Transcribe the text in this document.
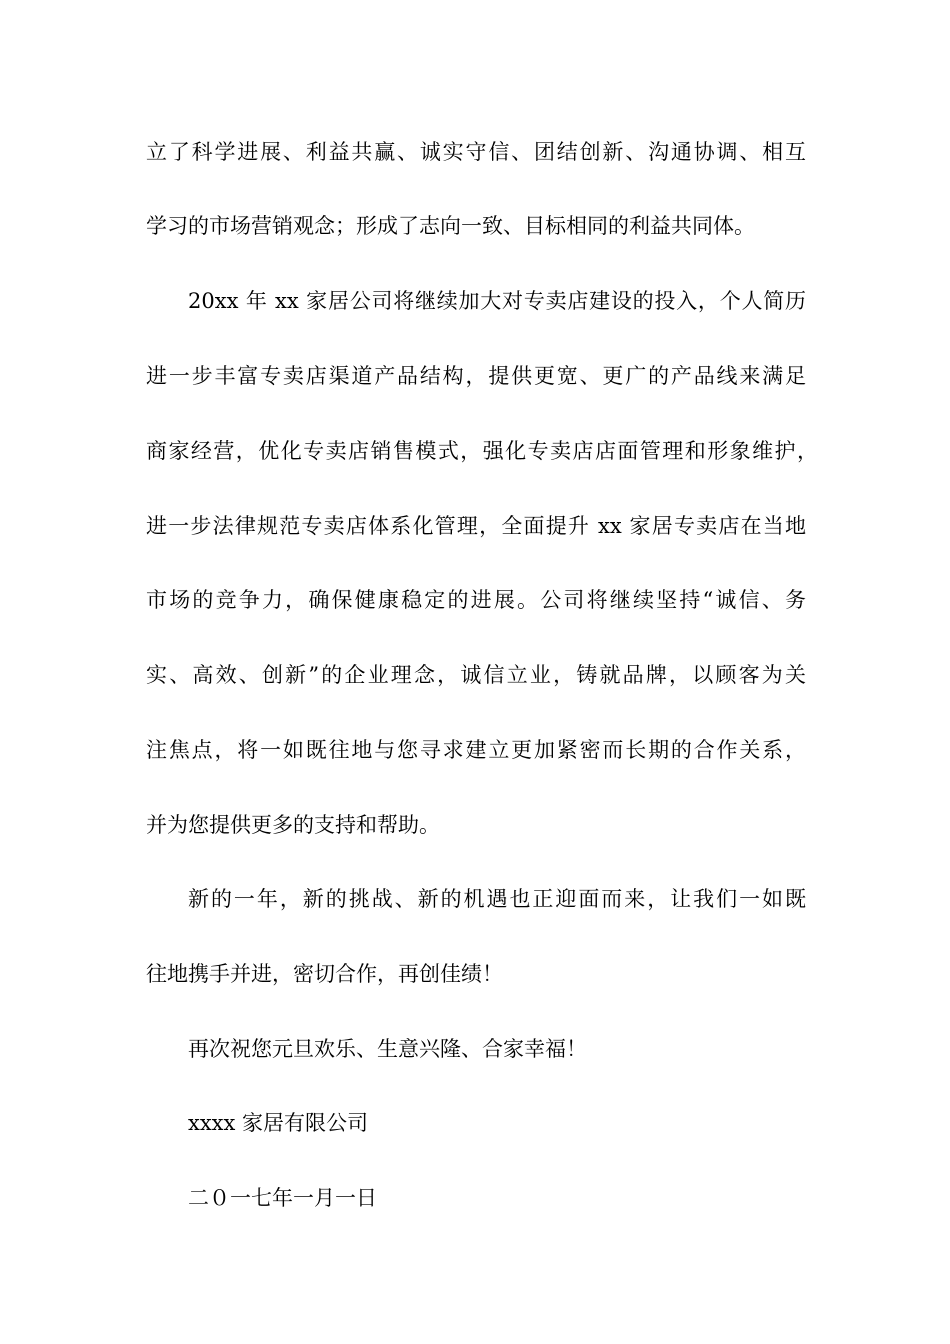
立了科学进展、利益共赢、诚实守信、团结创新、沟通协调、相互
学习的市场营销观念；形成了志向一致、目标相同的利益共同体。
20xx 年 xx 家居公司将继续加大对专卖店建设的投入，个人简历
进一步丰富专卖店渠道产品结构，提供更宽、更广的产品线来满足
商家经营，优化专卖店销售模式，强化专卖店店面管理和形象维护，
进一步法律规范专卖店体系化管理，全面提升 xx 家居专卖店在当地
市场的竞争力，确保健康稳定的进展。公司将继续坚持“诚信、务
实、高效、创新”的企业理念，诚信立业，铸就品牌，以顾客为关
注焦点，将一如既往地与您寻求建立更加紧密而长期的合作关系，
并为您提供更多的支持和帮助。
新的一年，新的挑战、新的机遇也正迎面而来，让我们一如既
往地携手并进，密切合作，再创佳绩！
再次祝您元旦欢乐、生意兴隆、合家幸福！
xxxx 家居有限公司
二０一七年一月一日
